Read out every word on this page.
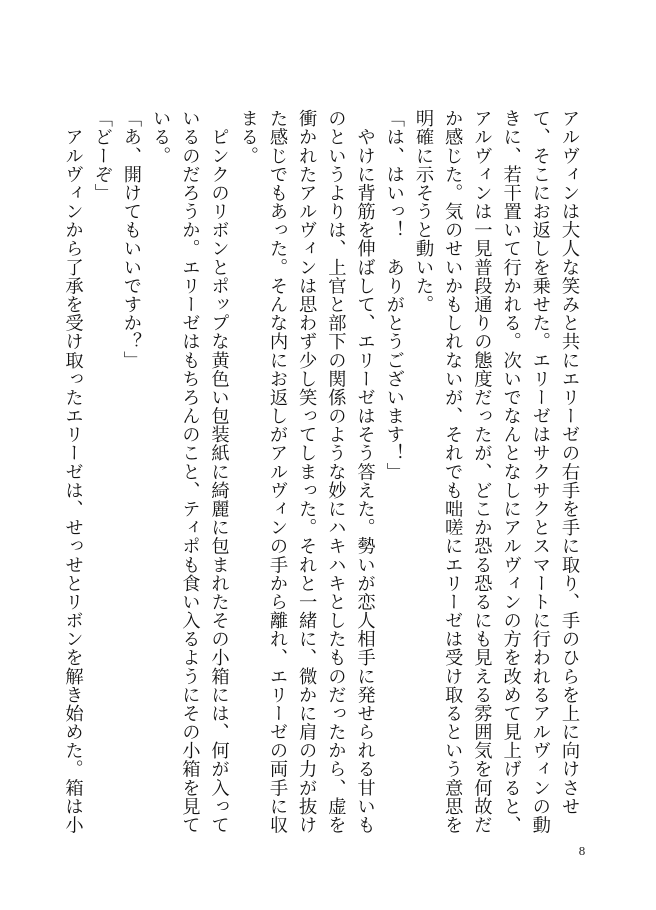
アルヴィンは大人な笑みと共にエリーゼの右手を手に取り、手のひらを上に向けさせ
て、そこにお返しを乗せた。エリーゼはサクサクとスマートに行われるアルヴィンの動
きに、若干置いて行かれる。次いでなんとなしにアルヴィンの方を改めて見上げると、
アルヴィンは一見普段通りの態度だったが、どこか恐る恐るにも見える雰囲気を何故だ
か感じた。気のせいかもしれないが、それでも咄嗟にエリーゼは受け取るという意思を
明確に示そうと動いた。
「は、はいっ！　ありがとうございます！」
　やけに背筋を伸ばして、エリーゼはそう答えた。勢いが恋人相手に発せられる甘いも
のというよりは、上官と部下の関係のような妙にハキハキとしたものだったから、虚を
衝かれたアルヴィンは思わず少し笑ってしまった。それと一緒に、微かに肩の力が抜け
た感じでもあった。そんな内にお返しがアルヴィンの手から離れ、エリーゼの両手に収
まる。
　ピンクのリボンとポップな黄色い包装紙に綺麗に包まれたその小箱には、何が入って
いるのだろうか。エリーゼはもちろんのこと、ティポも食い入るようにその小箱を見て
いる。
「あ、開けてもいいですか？」
「どーぞ」
　アルヴィンから了承を受け取ったエリーゼは、せっせとリボンを解き始めた。箱は小
8
